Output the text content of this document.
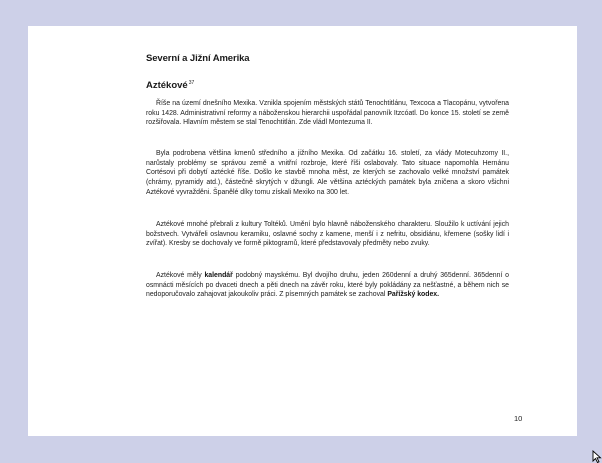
Severní a Jižní Amerika
Aztékové$^{37}$
Říše na území dnešního Mexika. Vznikla spojením městských států Tenochtitlánu, Texcoca a Tlacopánu, vytvořena roku 1428. Administrativní reformy a náboženskou hierarchii uspořádal panovník Itzcóatl. Do konce 15. století se země rozšiřovala. Hlavním městem se stal Tenochtitlán. Zde vládl Montezuma II.
Byla podrobena většina kmenů středního a jižního Mexika. Od začátku 16. století, za vlády Motecuhzomy II., narůstaly problémy se správou země a vnitřní rozbroje, které říši oslabovaly. Tato situace napomohla Hernánu Cortésovi při dobytí aztécké říše. Došlo ke stavbě mnoha měst, ze kterých se zachovalo velké množství památek (chrámy, pyramidy atd.), částečně skrytých v džungli. Ale většina aztéckých památek byla zničena a skoro všichni Aztékové vyvražděni. Španělé díky tomu získali Mexiko na 300 let.
Aztékové mnohé přebrali z kultury Toltéků. Umění bylo hlavně náboženského charakteru. Sloužilo k uctívání jejich božstvech. Vytvářeli oslavnou keramiku, oslavné sochy z kamene, menší i z nefritu, obsidiánu, křemene (sošky lidí i zvířat). Kresby se dochovaly ve formě piktogramů, které představovaly předměty nebo zvuky.
Aztékové měly kalendář podobný mayskému. Byl dvojího druhu, jeden 260denní a druhý 365denní. 365denní o osmnácti měsících po dvaceti dnech a pěti dnech na závěr roku, které byly pokládány za nešťastné, a během nich se nedoporučovalo zahajovat jakoukoliv práci. Z písemných památek se zachoval Pařížský kodex.
10
